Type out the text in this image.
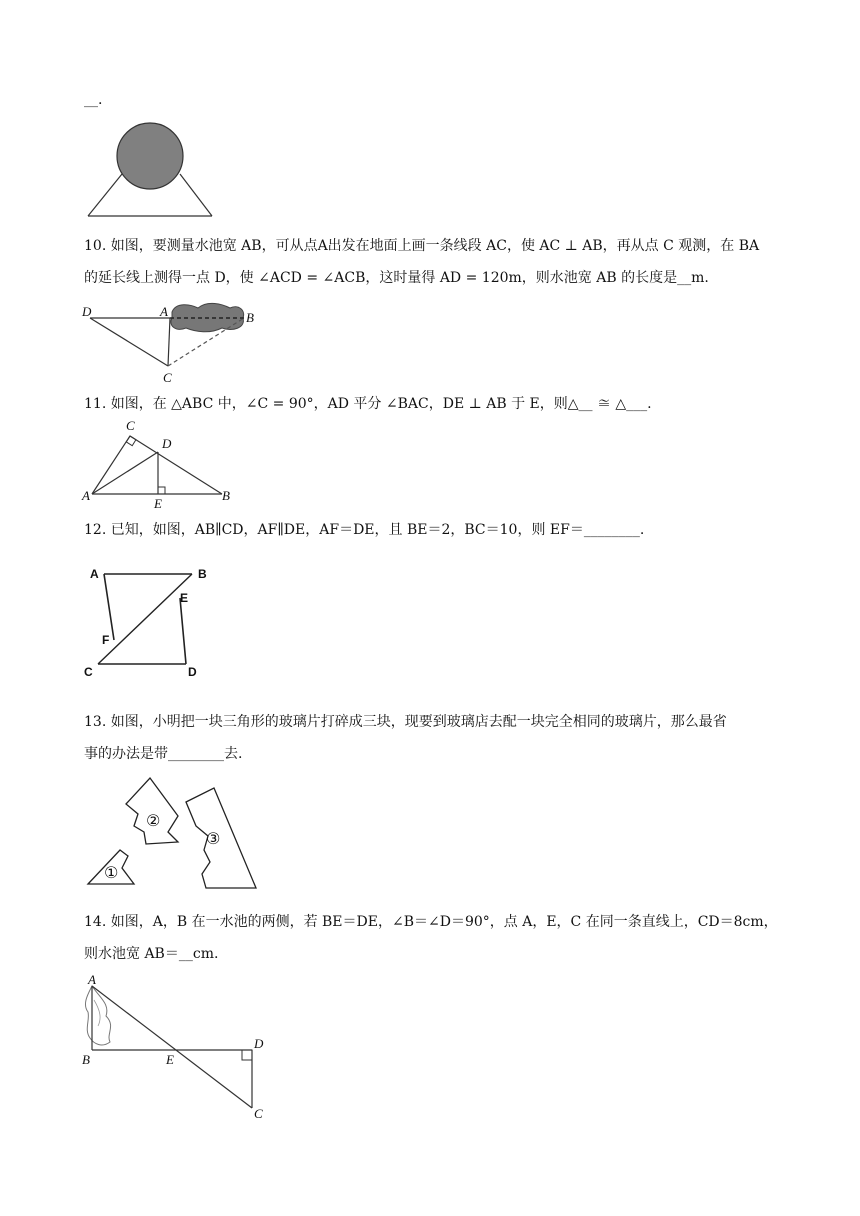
__.
10. 如图，要测量水池宽 AB，可从点A出发在地面上画一条线段 AC，使 AC ⊥ AB，再从点 C 观测，在 BA
的延长线上测得一点 D，使 ∠ACD = ∠ACB，这时量得 AD = 120m，则水池宽 AB 的长度是__m.
D	A	B
C
11. 如图，在 △ABC 中，∠C = 90°，AD 平分 ∠BAC，DE ⊥ AB 于 E，则△__ ≅ △___.
C
D
A
E
B
12. 已知，如图，AB∥CD，AF∥DE，AF＝DE，且 BE＝2，BC＝10，则 EF＝________.
A	B
E
F
C	D
13. 如图，小明把一块三角形的玻璃片打碎成三块，现要到玻璃店去配一块完全相同的玻璃片，那么最省
事的办法是带________去.
①
②
③
14. 如图，A，B 在一水池的两侧，若 BE＝DE，∠B＝∠D＝90°，点 A，E，C 在同一条直线上，CD＝8cm，
则水池宽 AB＝__cm.
A
B	E
D
C
